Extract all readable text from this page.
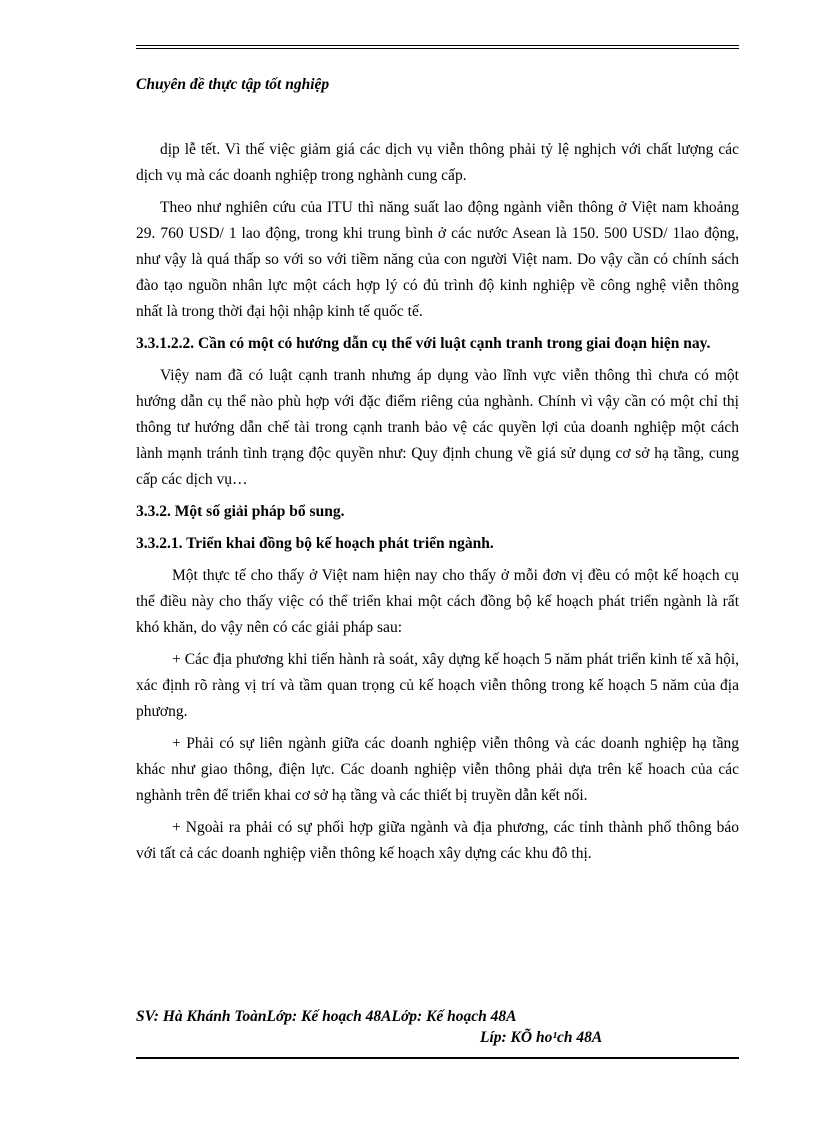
Chuyên đề thực tập tốt nghiệp

dịp lễ tết. Vì thế việc giảm giá các dịch vụ viễn thông phải tỷ lệ nghịch với chất lượng các dịch vụ mà các doanh nghiệp trong nghành cung cấp.

Theo như nghiên cứu của ITU thì năng suất lao động ngành viễn thông ở Việt nam khoảng 29. 760 USD/ 1 lao động, trong khi trung bình ở các nước Asean là 150. 500 USD/ 1lao động, như vậy là quá thấp so với so với tiềm năng của con người Việt nam. Do vậy cần có chính sách đào tạo nguồn nhân lực một cách hợp lý có đủ trình độ kinh nghiệp về công nghệ viễn thông nhất là trong thời đại hội nhập kinh tế quốc tế.

3.3.1.2.2. Cần có một có hướng dẫn cụ thể với luật cạnh tranh trong giai đoạn hiện nay.

Việy nam đã có luật cạnh tranh nhưng áp dụng vào lĩnh vực viễn thông thì chưa có một hướng dẫn cụ thể nào phù hợp với đặc điểm riêng của nghành. Chính vì vậy cần có một chỉ thị thông tư hướng dẫn chế tài trong cạnh tranh bảo vệ các quyền lợi của doanh nghiệp một cách lành mạnh tránh tình trạng độc quyền như: Quy định chung về giá sử dụng cơ sở hạ tầng, cung cấp các dịch vụ…

3.3.2. Một số giải pháp bổ sung.

3.3.2.1. Triển khai đồng bộ kế hoạch phát triển ngành.

Một thực tế cho thấy ở Việt nam hiện nay cho thấy ở mỗi đơn vị đều có một kế hoạch cụ thể điều này cho thấy việc có thể triển khai một cách đồng bộ kế hoạch phát triển ngành là rất khó khăn, do vậy nên có các giải pháp sau:

+ Các địa phương khi tiến hành rà soát, xây dựng kế hoạch 5 năm phát triển kinh tế xã hội, xác định rõ ràng vị trí và tầm quan trọng củ kế hoạch viễn thông trong kế hoạch 5 năm của địa phương.

+ Phải có sự liên ngành giữa các doanh nghiệp viễn thông và các doanh nghiệp hạ tầng khác như giao thông, điện lực. Các doanh nghiệp viễn thông phải dựa trên kế hoach của các nghành trên để triển khai cơ sở hạ tầng và các thiết bị truyền dẫn kết nối.

+ Ngoài ra phải có sự phối hợp giữa ngành và địa phương, các tỉnh thành phố thông báo với tất cả các doanh nghiệp viễn thông kế hoạch xây dựng các khu đô thị.

SV: Hà Khánh ToànLớp: Kế hoạch 48ALớp: Kế hoạch 48A
Líp: KÕ ho¹ch 48A
